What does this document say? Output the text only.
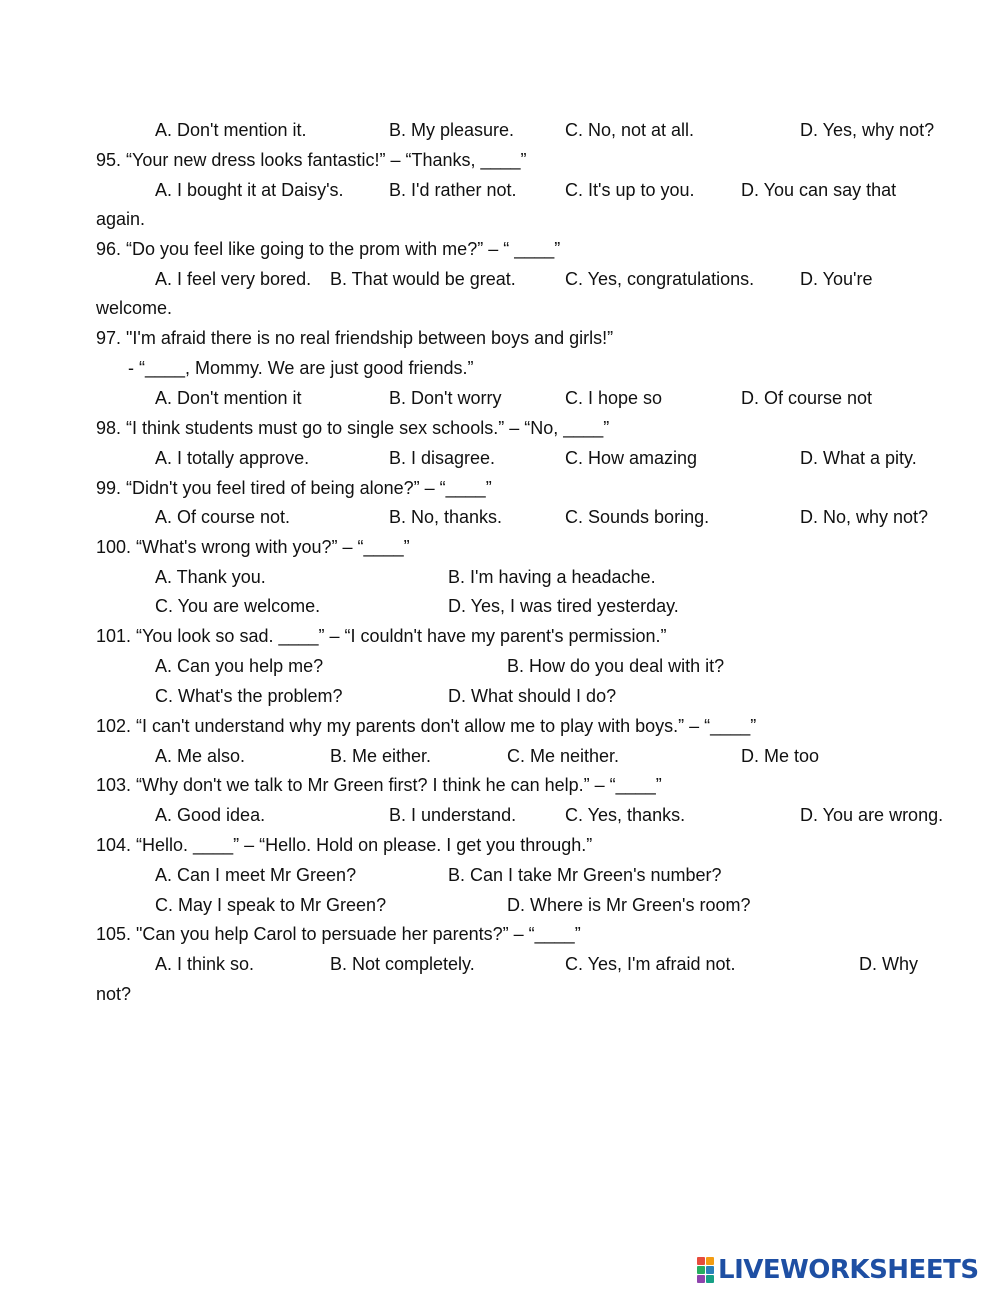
A. Don't mention it.	B. My pleasure.	C. No, not at all.	D. Yes, why not?
95. “Your new dress looks fantastic!” – “Thanks, ____”
A. I bought it at Daisy's.	B. I'd rather not.	C. It's up to you.	D. You can say that
again.
96. “Do you feel like going to the prom with me?” – “ ____”
A. I feel very bored. B. That would be great.	C. Yes, congratulations.	D. You're
welcome.
97. "I'm afraid there is no real friendship between boys and girls!”
- “____, Mommy. We are just good friends.”
A. Don't mention it	B. Don't worry	C. I hope so	D. Of course not
98. “I think students must go to single sex schools.” – “No, ____”
A. I totally approve.	B. I disagree.	C. How amazing	D. What a pity.
99. “Didn't you feel tired of being alone?” – “____”
A. Of course not.	B. No, thanks.	C. Sounds boring.	D. No, why not?
100. “What's wrong with you?” – “____”
A. Thank you.	B. I'm having a headache.
C. You are welcome.	D. Yes, I was tired yesterday.
101. “You look so sad. ____” – “I couldn't have my parent's permission.”
A. Can you help me?	B. How do you deal with it?
C. What's the problem?	D. What should I do?
102. “I can't understand why my parents don't allow me to play with boys.” – “____”
A. Me also.	B. Me either.	C. Me neither.	D. Me too
103. “Why don't we talk to Mr Green first? I think he can help.” – “____”
A. Good idea.	B. I understand.	C. Yes, thanks.	D. You are wrong.
104. “Hello. ____” – “Hello. Hold on please. I get you through.”
A. Can I meet Mr Green?	B. Can I take Mr Green's number?
C. May I speak to Mr Green?	D. Where is Mr Green's room?
105. "Can you help Carol to persuade her parents?” – “____”
A. I think so.	B. Not completely.	C. Yes, I'm afraid not.	D. Why
not?
LIVEWORKSHEETS
